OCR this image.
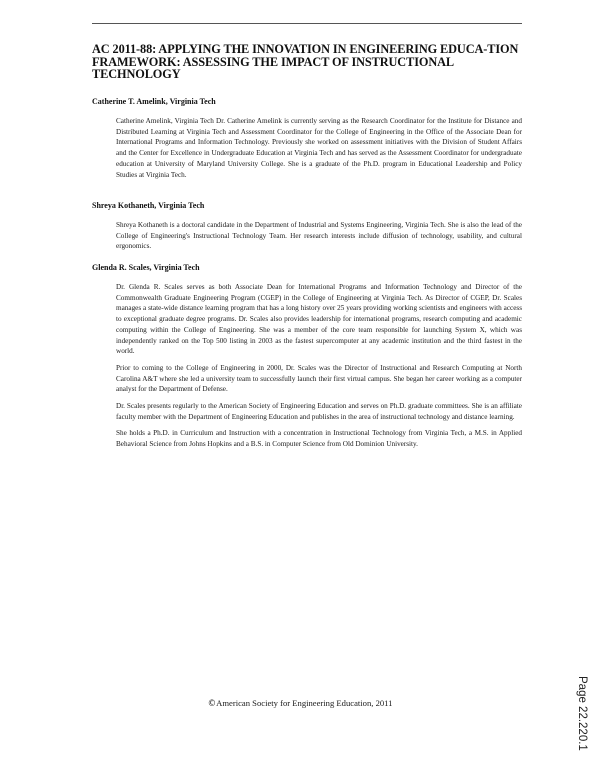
AC 2011-88: APPLYING THE INNOVATION IN ENGINEERING EDUCA-TION FRAMEWORK: ASSESSING THE IMPACT OF INSTRUCTIONAL TECHNOLOGY
Catherine T. Amelink, Virginia Tech

Catherine Amelink, Virginia Tech Dr. Catherine Amelink is currently serving as the Research Coordinator for the Institute for Distance and Distributed Learning at Virginia Tech and Assessment Coordinator for the College of Engineering in the Office of the Associate Dean for International Programs and Information Technology. Previously she worked on assessment initiatives with the Division of Student Affairs and the Center for Excellence in Undergraduate Education at Virginia Tech and has served as the Assessment Coordinator for undergraduate education at University of Maryland University College. She is a graduate of the Ph.D. program in Educational Leadership and Policy Studies at Virginia Tech.

Shreya Kothaneth, Virginia Tech

Shreya Kothaneth is a doctoral candidate in the Department of Industrial and Systems Engineering, Virginia Tech. She is also the lead of the College of Engineering's Instructional Technology Team. Her research interests include diffusion of technology, usability, and cultural ergonomics.

Glenda R. Scales, Virginia Tech

Dr. Glenda R. Scales serves as both Associate Dean for International Programs and Information Technology and Director of the Commonwealth Graduate Engineering Program (CGEP) in the College of Engineering at Virginia Tech. As Director of CGEP, Dr. Scales manages a state-wide distance learning program that has a long history over 25 years providing working scientists and engineers with access to exceptional graduate degree programs. Dr. Scales also provides leadership for international programs, research computing and academic computing within the College of Engineering. She was a member of the core team responsible for launching System X, which was independently ranked on the Top 500 listing in 2003 as the fastest supercomputer at any academic institution and the third fastest in the world.

Prior to coming to the College of Engineering in 2000, Dr. Scales was the Director of Instructional and Research Computing at North Carolina A&T where she led a university team to successfully launch their first virtual campus. She began her career working as a computer analyst for the Department of Defense.

Dr. Scales presents regularly to the American Society of Engineering Education and serves on Ph.D. graduate committees. She is an affiliate faculty member with the Department of Engineering Education and publishes in the area of instructional technology and distance learning.

She holds a Ph.D. in Curriculum and Instruction with a concentration in Instructional Technology from Virginia Tech, a M.S. in Applied Behavioral Science from Johns Hopkins and a B.S. in Computer Science from Old Dominion University.

©American Society for Engineering Education, 2011	Page 22.220.1
